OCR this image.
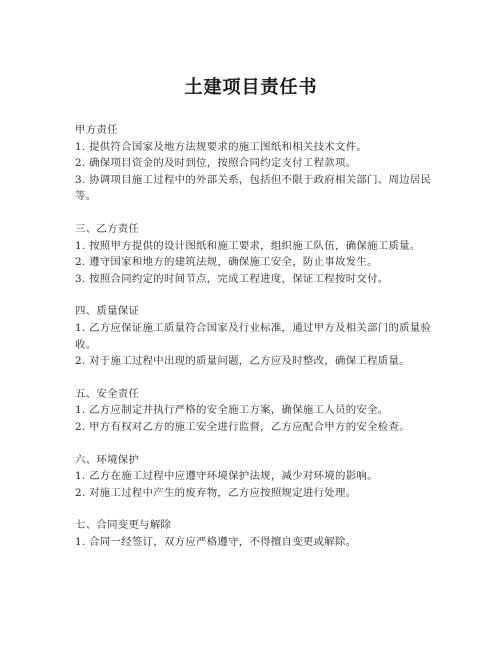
土建项目责任书

甲方责任

1. 提供符合国家及地方法规要求的施工图纸和相关技术文件。

2. 确保项目资金的及时到位，按照合同约定支付工程款项。

3. 协调项目施工过程中的外部关系，包括但不限于政府相关部门、周边居民等。

三、乙方责任

1. 按照甲方提供的设计图纸和施工要求，组织施工队伍，确保施工质量。

2. 遵守国家和地方的建筑法规，确保施工安全，防止事故发生。

3. 按照合同约定的时间节点，完成工程进度，保证工程按时交付。

四、质量保证

1. 乙方应保证施工质量符合国家及行业标准，通过甲方及相关部门的质量验收。

2. 对于施工过程中出现的质量问题，乙方应及时整改，确保工程质量。

五、安全责任

1. 乙方应制定并执行严格的安全施工方案，确保施工人员的安全。

2. 甲方有权对乙方的施工安全进行监督，乙方应配合甲方的安全检查。

六、环境保护

1. 乙方在施工过程中应遵守环境保护法规，减少对环境的影响。

2. 对施工过程中产生的废弃物，乙方应按照规定进行处理。

七、合同变更与解除

1. 合同一经签订，双方应严格遵守，不得擅自变更或解除。
